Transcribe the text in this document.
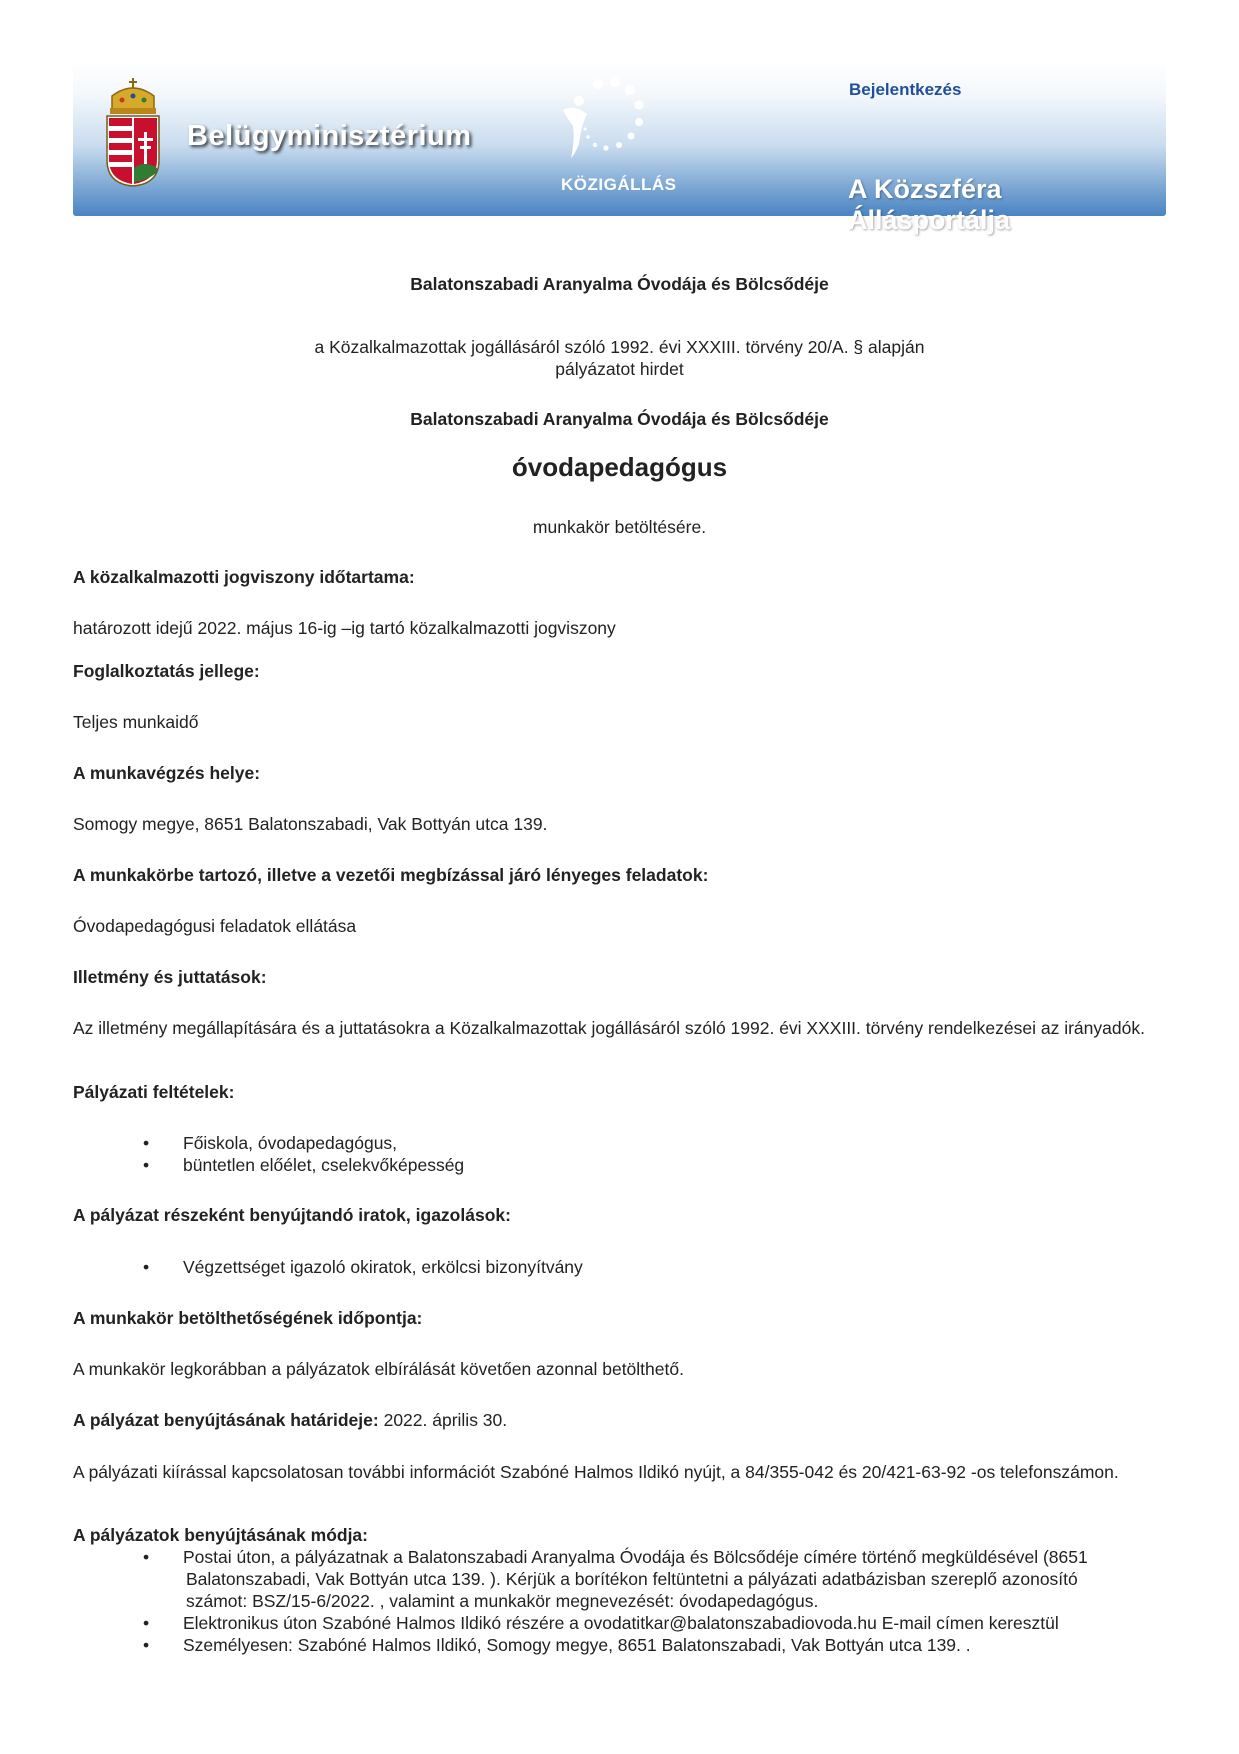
Belügyminisztérium
KÖZIGÁLLÁS
Bejelentkezés
A Közszféra Állásportálja

Balatonszabadi Aranyalma Óvodája és Bölcsődéje

a Közalkalmazottak jogállásáról szóló 1992. évi XXXIII. törvény 20/A. § alapján

pályázatot hirdet

Balatonszabadi Aranyalma Óvodája és Bölcsődéje

óvodapedagógus

munkakör betöltésére.

A közalkalmazotti jogviszony időtartama:

határozott idejű 2022. május 16-ig –ig tartó közalkalmazotti jogviszony

Foglalkoztatás jellege:

Teljes munkaidő

A munkavégzés helye:

Somogy megye, 8651 Balatonszabadi, Vak Bottyán utca 139.

A munkakörbe tartozó, illetve a vezetői megbízással járó lényeges feladatok:

Óvodapedagógusi feladatok ellátása

Illetmény és juttatások:

Az illetmény megállapítására és a juttatásokra a Közalkalmazottak jogállásáról szóló 1992. évi XXXIII. törvény rendelkezései az irányadók.

Pályázati feltételek:

• Főiskola, óvodapedagógus,
• büntetlen előélet, cselekvőképesség

A pályázat részeként benyújtandó iratok, igazolások:

• Végzettséget igazoló okiratok, erkölcsi bizonyítvány

A munkakör betölthetőségének időpontja:

A munkakör legkorábban a pályázatok elbírálását követően azonnal betölthető.

A pályázat benyújtásának határideje: 2022. április 30.

A pályázati kiírással kapcsolatosan további információt Szabóné Halmos Ildikó nyújt, a 84/355-042 és 20/421-63-92 -os telefonszámon.

A pályázatok benyújtásának módja:

• Postai úton, a pályázatnak a Balatonszabadi Aranyalma Óvodája és Bölcsődéje címére történő megküldésével (8651
Balatonszabadi, Vak Bottyán utca 139. ). Kérjük a borítékon feltüntetni a pályázati adatbázisban szereplő azonosító
számot: BSZ/15-6/2022. , valamint a munkakör megnevezését: óvodapedagógus.
• Elektronikus úton Szabóné Halmos Ildikó részére a ovodatitkar@balatonszabadiovoda.hu E-mail címen keresztül
• Személyesen: Szabóné Halmos Ildikó, Somogy megye, 8651 Balatonszabadi, Vak Bottyán utca 139. .
